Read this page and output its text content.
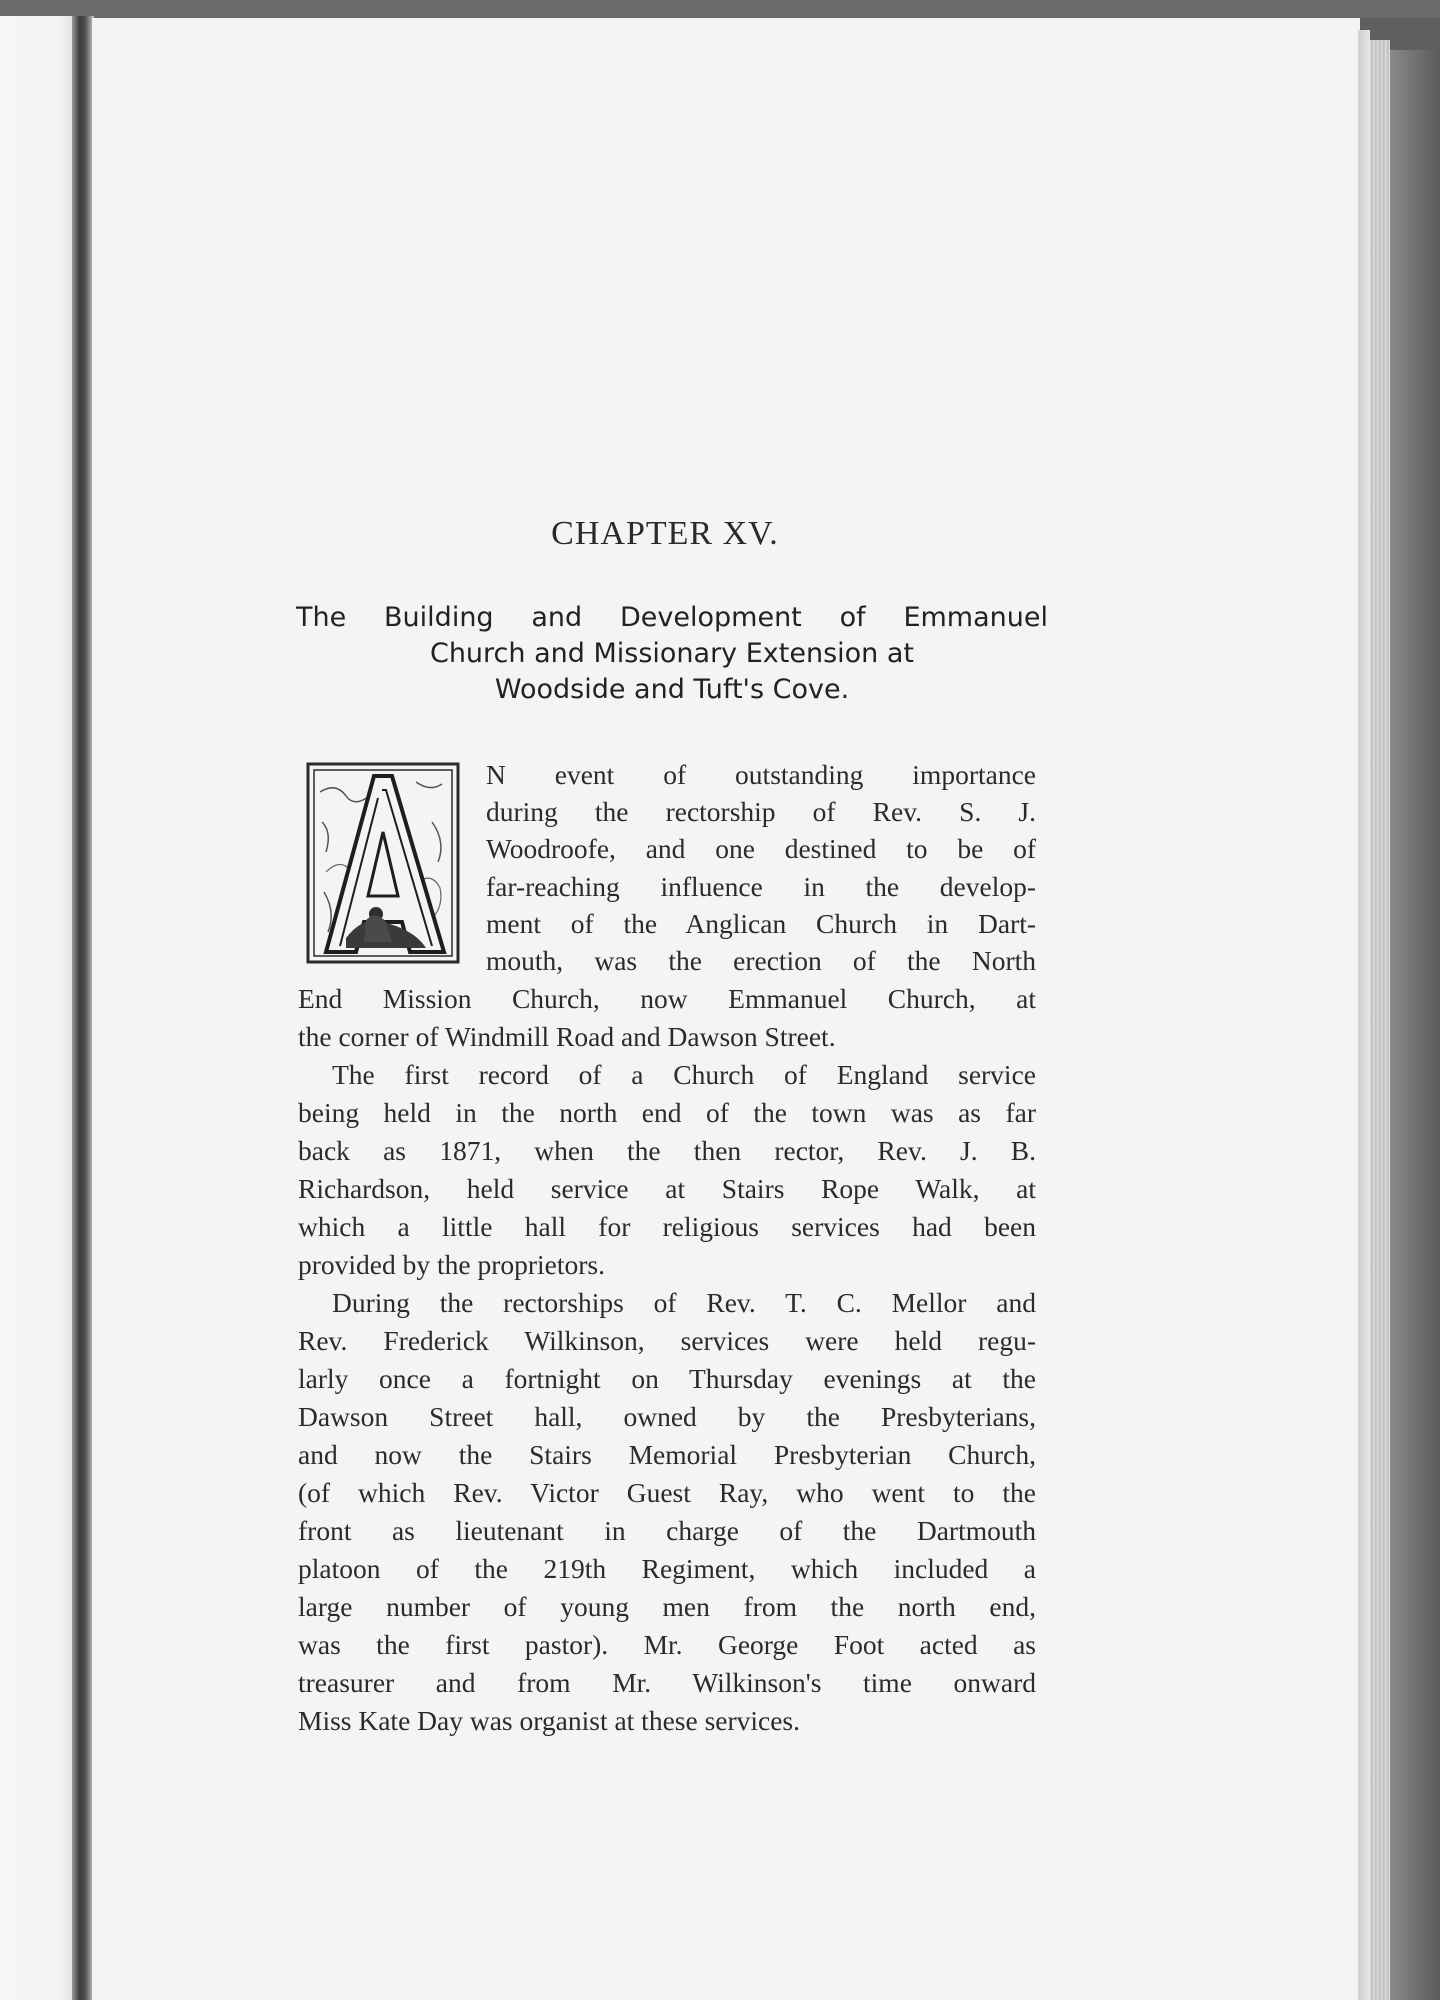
CHAPTER XV.
The Building and Development of Emmanuel
Church and Missionary Extension at
Woodside and Tuft's Cove.
N event of outstanding importance
during the rectorship of Rev. S. J.
Woodroofe, and one destined to be of
far-reaching influence in the develop-
ment of the Anglican Church in Dart-
mouth, was the erection of the North
End Mission Church, now Emmanuel Church, at
the corner of Windmill Road and Dawson Street.
The first record of a Church of England service
being held in the north end of the town was as far
back as 1871, when the then rector, Rev. J. B.
Richardson, held service at Stairs Rope Walk, at
which a little hall for religious services had been
provided by the proprietors.
During the rectorships of Rev. T. C. Mellor and
Rev. Frederick Wilkinson, services were held regu-
larly once a fortnight on Thursday evenings at the
Dawson Street hall, owned by the Presbyterians,
and now the Stairs Memorial Presbyterian Church,
(of which Rev. Victor Guest Ray, who went to the
front as lieutenant in charge of the Dartmouth
platoon of the 219th Regiment, which included a
large number of young men from the north end,
was the first pastor). Mr. George Foot acted as
treasurer and from Mr. Wilkinson's time onward
Miss Kate Day was organist at these services.
